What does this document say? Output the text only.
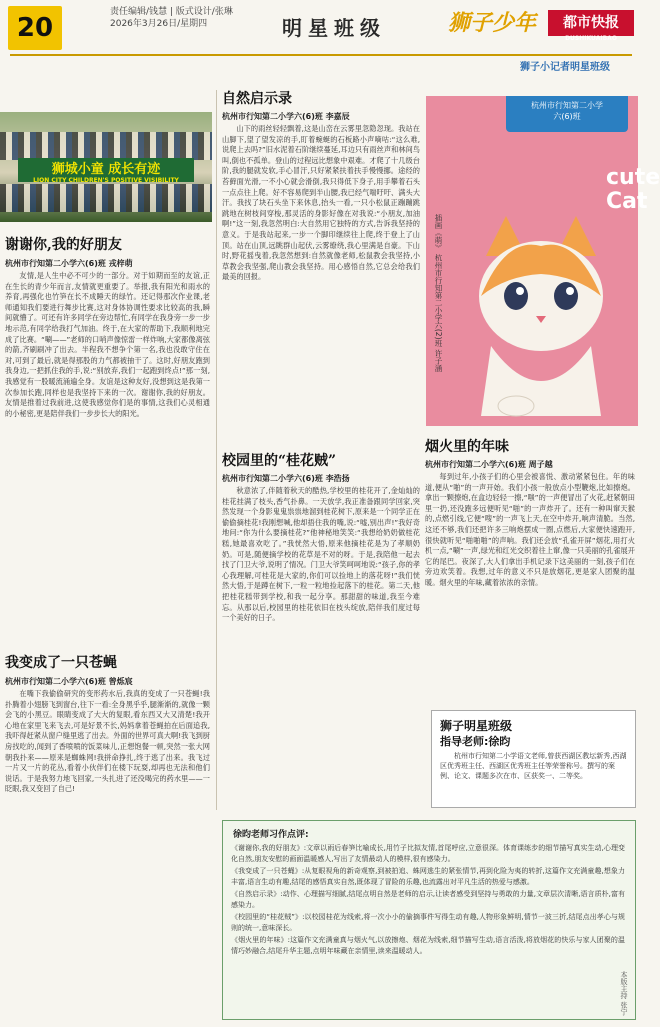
20
责任编辑/钱慧 | 版式设计/张琳
2026年3月26日/星期四	明星班级	狮子少年	都市快报
DUSHIKUAIBAO
狮子小记者明星班级
狮城小童 成长有迹
LION CITY CHILDREN'S POSITIVE VISIBILITY
谢谢你,我的好朋友
杭州市行知第二小学六(6)班 戎梓萌
友情,是人生中必不可少的一部分。对于如期而至的友谊,正在生长的青少年而言,友情就更重要了。举报,我有阳光和雨水的养育,再强化也竹笋在长不成睡天的绿竹。还记得那次作业课,老师通知我们要进行舞步比赛,这对身体协调性要求比较高的我,瞬间就懵了。可还有许多同学在旁边帮忙,有同学在我身旁一步一步地示范,有同学给我打气加油。终于,在大家的帮助下,我顺利地完成了比赛。“唰——”老师的口哨声像惊雷一样炸响,大家都像离弦的箭,齐刷刷冲了出去。半程我不想争个第一名,我也没敢守住在对,可到了最后,就是得那股的力气都被抽干了。这时,好朋友跑到我身边,一把抓住我的手,说:“别放弃,我们一起跑到终点!”那一刻,我感觉有一股暖流涌遍全身。友谊是这种友好,没想到这是我第一次参加长跑,同样也是我坚持下来的一次。谢谢你,我的好朋友。友情是推着过我前进,这使我感觉你们是的事情,这我们心灵相通的小秘密,更是陪伴我们一步步长大的阳光。
我变成了一只苍蝇
杭州市行知第二小学六(6)班 曾烁宸
在嘴下我偷偷研究的变形药水后,我真的变成了一只苍蝇!我扑腾着小翅膀飞到窗台,往下一看:全身黑乎乎,腿渐渐的,就像一颗会飞的小黑豆。眼睛变成了大大的复眼,看东西又大又清楚!我开心地在家里飞来飞去,可是好景不长,妈妈拿着苍蝇拍在后面追我,我吓得赶紧从窗户缝里逃了出去。外面的世界可真大啊!我飞到厨房找吃的,闻到了香喷喷的饭菜味儿,正想饱餐一顿,突然一张大网朝我扑来——原来是蜘蛛网!我拼命挣扎,终于逃了出来。我飞过一片又一片的花丛,看着小伙伴们在楼下玩耍,却再也无法和他们说话。于是我努力地飞回家,一头扎进了还没喝完的药水里——一眨眼,我又变回了自己!
自然启示录
杭州市行知第二小学六(6)班 李嘉辰
山下的雨丝轻轻飘着,这是山峦在云雾里忽隐忽现。我站在山脚下,望了望发凉的手,盯着蜿蜒的石板路小声嘀咕:“这么难,说爬上去吗?”旧水泥着石阶继续蔓延,耳边只有雨丝声和林间鸟叫,倒也不孤单。登山的过程远比想象中艰难。才爬了十几级台阶,我的腿就发软,手心冒汗,只好紧紧扶着扶手慢慢挪。途经的苔藓面光滑,一不小心就会滑倒,我只得低下身子,用手攀着石头一点点往上爬。好不容易爬到半山腰,我已经气喘吁吁、满头大汗。我找了块石头坐下来休息,抬头一看,一只小松鼠正蹦蹦跳跳地在树枝间穿梭,那灵活的身影好像在对我说:“小朋友,加油啊!”这一刻,我忽然明白:大自然用它独特的方式,告诉我坚持的意义。于是我站起来,一步一个脚印继续往上爬,终于登上了山顶。站在山顶,远眺群山起伏,云雾缭绕,我心里满是自豪。下山时,野花摇曳着,我忽然想到:自然就像老师,松鼠教会我坚持,小草教会我坚强,爬山教会我坚持。用心感悟自然,它总会给我们最美的回报。
校园里的“桂花贼”
杭州市行知第二小学六(6)班 李浩扬
秋意浓了,伴随着秋天的酷热,学校里的桂花开了,金灿灿的桂花挂满了枝头,香气扑鼻。一天放学,我正准备跟同学回家,突然发现一个身影鬼鬼祟祟地溜到桂花树下,原来是一个同学正在偷偷摘桂花!我刚想喊,他却捂住我的嘴,说:“嘘,别出声!”我好奇地问:“你为什么要摘桂花?”他神秘地笑笑:“我想给奶奶做桂花糕,她最喜欢吃了。”我恍然大悟,原来他摘桂花是为了孝顺奶奶。可是,随便摘学校的花草是不对的呀。于是,我陪他一起去找了门卫大爷,说明了情况。门卫大爷笑呵呵地说:“孩子,你的孝心我理解,可桂花是大家的,你们可以捡地上的落花呀!”我们恍然大悟,于是蹲在树下,一粒一粒地捡起落下的桂花。第二天,他把桂花糕带到学校,和我一起分享。那甜甜的味道,我至今难忘。从那以后,校园里的桂花依旧在枝头绽放,陪伴我们度过每一个美好的日子。
插画《萌》 杭州市行知第二小学六(2)班 许子涵
杭州市行知第二小学
六(6)班
cute Cat
烟火里的年味
杭州市行知第二小学六(6)班 周子越
每到过年,小孩子们的心里会被喜悦、激动紧紧包住。年的味道,便从“啪”的一声开始。我们小孩一般放点小型鞭炮,比如擦炮。拿出一颗擦炮,在盒边轻轻一擦,“嗤”的一声便冒出了火花,赶紧朝田里一扔,还没跑多远便听见“啪”的一声炸开了。还有一种叫窜天猴的,点燃引线,它便“嗖”的一声飞上天,在空中炸开,响声清脆。当然,这还不够,我们还把许多三响炮摆成一圈,点燃后,大家便快速跑开,很快就听见“啪啪啪”的声响。我们还会放“孔雀开屏”烟花,用打火机一点,“唰”一声,绿光和红光交织着往上窜,像一只美丽的孔雀展开它的尾巴。夜深了,大人们拿出手机记录下这美丽的一刻,孩子们在旁边欢笑着。我想,过年的意义不只是放烟花,更是家人团聚的温暖。烟火里的年味,藏着浓浓的亲情。
狮子明星班级
指导老师:徐昀
杭州市行知第二小学语文老师,曾获西湖区教坛新秀,西湖区优秀班主任、西湖区优秀班主任等荣誉称号。撰写的案例、论文、课题多次在市、区获奖一、二等奖。
徐昀老师习作点评:
《谢谢你,我的好朋友》:文章以雨后春笋比喻成长,用竹子比拟友情,首尾呼应,立意很深。体育课练步的细节描写真实生动,心理变化自然,朋友安慰的画面温暖感人,写出了友情最动人的模样,很有感染力。
《我变成了一只苍蝇》:从复眼视角的新奇观察,到被拍追、蛛网逃生的紧张情节,再到化险为夷的转折,这篇作文充满童趣,想象力丰富,语言生动有趣,结尾的感悟真实自然,既体现了冒险的乐趣,也流露出对平凡生活的热爱与感激。
《自然启示录》:动作、心理描写细腻,结尾点明自然是老师的启示,让读者感受到坚持与勇敢的力量,文章层次清晰,语言质朴,富有感染力。
《校园里的“桂花贼”》:以校园桂花为线索,将一次小小的偷摘事件写得生动有趣,人物形象鲜明,情节一波三折,结尾点出孝心与规则的统一,意味深长。
《烟火里的年味》:这篇作文充满童真与烟火气,以放擦炮、烟花为线索,细节描写生动,语言活泼,将放烟花的快乐与家人团聚的温情巧妙融合,结尾升华主题,点明年味藏在亲情里,读来温暖动人。
本版主持 张宁
